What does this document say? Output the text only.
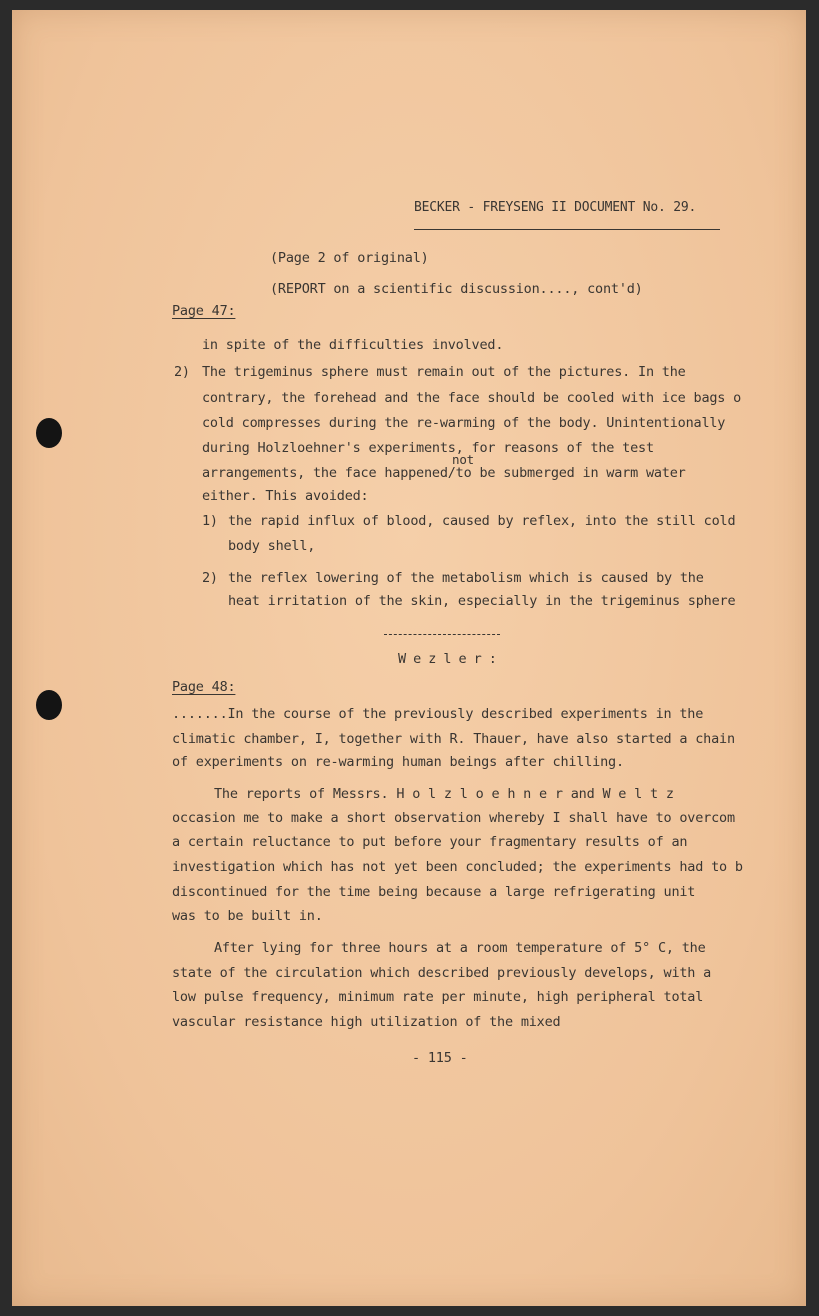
BECKER - FREYSENG II DOCUMENT No. 29.
(Page 2 of original)
(REPORT on a scientific discussion...., cont'd)
Page 47:
in spite of the difficulties involved.
2) The trigeminus sphere must remain out of the pictures. In the
contrary, the forehead and the face should be cooled with ice bags o
cold compresses during the re-warming of the body. Unintentionally
during Holzloehner's experiments, for reasons of the test
not
arrangements, the face happened/to be submerged in warm water
either. This avoided:
1) the rapid influx of blood, caused by reflex, into the still cold
body shell,
2) the reflex lowering of the metabolism which is caused by the
heat irritation of the skin, especially in the trigeminus sphere
Wezler:
Page 48:
.......In the course of the previously described experiments in the
climatic chamber, I, together with R. Thauer, have also started a chain
of experiments on re-warming human beings after chilling.
The reports of Messrs. H o l z l o e h n e r and W e l t z
occasion me to make a short observation whereby I shall have to overcom
a certain reluctance to put before your fragmentary results of an
investigation which has not yet been concluded; the experiments had to b
discontinued for the time being because a large refrigerating unit
was to be built in.
After lying for three hours at a room temperature of 5° C, the
state of the circulation which described previously develops, with a
low pulse frequency, minimum rate per minute, high peripheral total
vascular resistance high utilization of the mixed
- 115 -
